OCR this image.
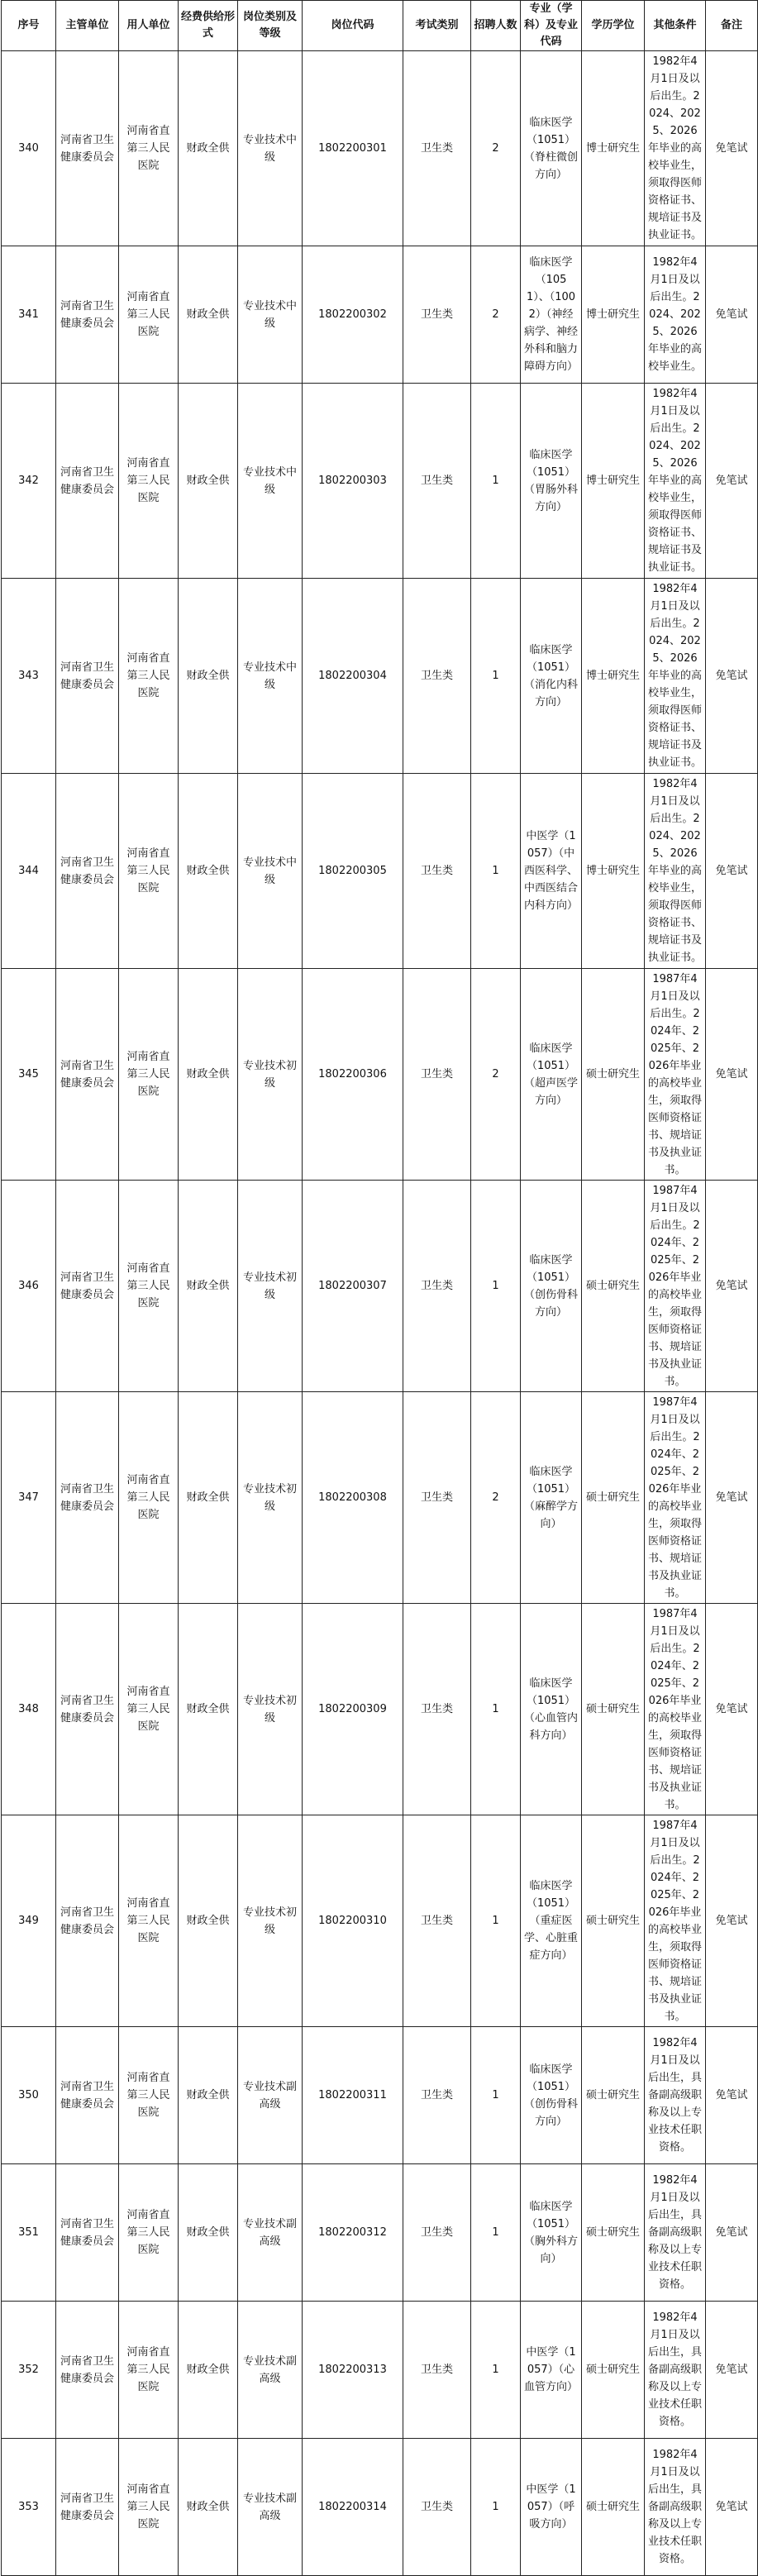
序号	主管单位	用人单位	经费供给形式	岗位类别及等级	岗位代码	考试类别	招聘人数	专业（学科）及专业代码	学历学位	其他条件	备注
340	河南省卫生健康委员会	河南省直第三人民医院	财政全供	专业技术中级	1802200301	卫生类	2	临床医学（1051）（脊柱微创方向）	博士研究生	1982年4月1日及以后出生。2024、2025、2026年毕业的高校毕业生，须取得医师资格证书、规培证书及执业证书。	免笔试
341	河南省卫生健康委员会	河南省直第三人民医院	财政全供	专业技术中级	1802200302	卫生类	2	临床医学（1051）、（1002）（神经病学、神经外科和脑力障碍方向）	博士研究生	1982年4月1日及以后出生。2024、2025、2026年毕业的高校毕业生。	免笔试
342	河南省卫生健康委员会	河南省直第三人民医院	财政全供	专业技术中级	1802200303	卫生类	1	临床医学（1051）（胃肠外科方向）	博士研究生	1982年4月1日及以后出生。2024、2025、2026年毕业的高校毕业生，须取得医师资格证书、规培证书及执业证书。	免笔试
343	河南省卫生健康委员会	河南省直第三人民医院	财政全供	专业技术中级	1802200304	卫生类	1	临床医学（1051）（消化内科方向）	博士研究生	1982年4月1日及以后出生。2024、2025、2026年毕业的高校毕业生，须取得医师资格证书、规培证书及执业证书。	免笔试
344	河南省卫生健康委员会	河南省直第三人民医院	财政全供	专业技术中级	1802200305	卫生类	1	中医学（1057）（中西医科学、中西医结合内科方向）	博士研究生	1982年4月1日及以后出生。2024、2025、2026年毕业的高校毕业生，须取得医师资格证书、规培证书及执业证书。	免笔试
345	河南省卫生健康委员会	河南省直第三人民医院	财政全供	专业技术初级	1802200306	卫生类	2	临床医学（1051）（超声医学方向）	硕士研究生	1987年4月1日及以后出生。2024年、2025年、2026年毕业的高校毕业生，须取得医师资格证书、规培证书及执业证书。	免笔试
346	河南省卫生健康委员会	河南省直第三人民医院	财政全供	专业技术初级	1802200307	卫生类	1	临床医学（1051）（创伤骨科方向）	硕士研究生	1987年4月1日及以后出生。2024年、2025年、2026年毕业的高校毕业生，须取得医师资格证书、规培证书及执业证书。	免笔试
347	河南省卫生健康委员会	河南省直第三人民医院	财政全供	专业技术初级	1802200308	卫生类	2	临床医学（1051）（麻醉学方向）	硕士研究生	1987年4月1日及以后出生。2024年、2025年、2026年毕业的高校毕业生，须取得医师资格证书、规培证书及执业证书。	免笔试
348	河南省卫生健康委员会	河南省直第三人民医院	财政全供	专业技术初级	1802200309	卫生类	1	临床医学（1051）（心血管内科方向）	硕士研究生	1987年4月1日及以后出生。2024年、2025年、2026年毕业的高校毕业生，须取得医师资格证书、规培证书及执业证书。	免笔试
349	河南省卫生健康委员会	河南省直第三人民医院	财政全供	专业技术初级	1802200310	卫生类	1	临床医学（1051）（重症医学、心脏重症方向）	硕士研究生	1987年4月1日及以后出生。2024年、2025年、2026年毕业的高校毕业生，须取得医师资格证书、规培证书及执业证书。	免笔试
350	河南省卫生健康委员会	河南省直第三人民医院	财政全供	专业技术副高级	1802200311	卫生类	1	临床医学（1051）（创伤骨科方向）	硕士研究生	1982年4月1日及以后出生，具备副高级职称及以上专业技术任职资格。	免笔试
351	河南省卫生健康委员会	河南省直第三人民医院	财政全供	专业技术副高级	1802200312	卫生类	1	临床医学（1051）（胸外科方向）	硕士研究生	1982年4月1日及以后出生，具备副高级职称及以上专业技术任职资格。	免笔试
352	河南省卫生健康委员会	河南省直第三人民医院	财政全供	专业技术副高级	1802200313	卫生类	1	中医学（1057）（心血管方向）	硕士研究生	1982年4月1日及以后出生，具备副高级职称及以上专业技术任职资格。	免笔试
353	河南省卫生健康委员会	河南省直第三人民医院	财政全供	专业技术副高级	1802200314	卫生类	1	中医学（1057）（呼吸方向）	硕士研究生	1982年4月1日及以后出生，具备副高级职称及以上专业技术任职资格。	免笔试
